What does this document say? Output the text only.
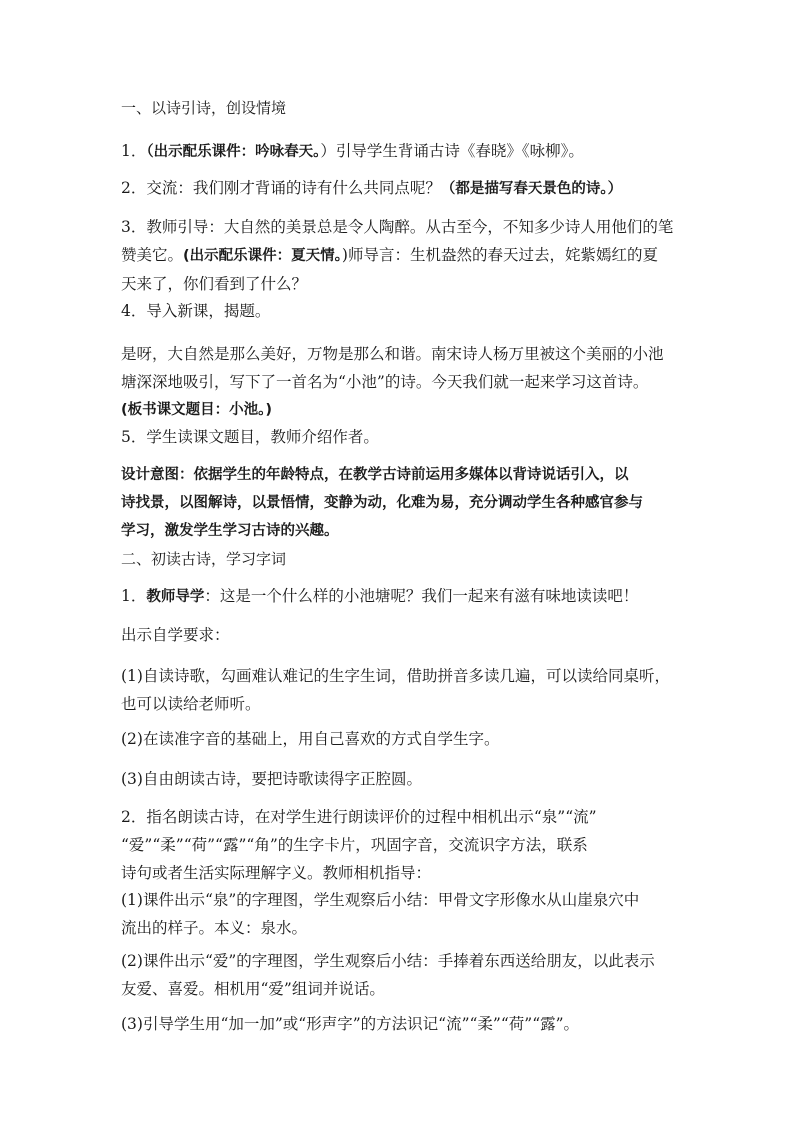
一、以诗引诗，创设情境

1．（出示配乐课件：吟咏春天。）引导学生背诵古诗《春晓》《咏柳》。

2．交流：我们刚才背诵的诗有什么共同点呢？（都是描写春天景色的诗。）

3．教师引导：大自然的美景总是令人陶醉。从古至今，不知多少诗人用他们的笔
赞美它。(出示配乐课件：夏天情。)师导言：生机盎然的春天过去，姹紫嫣红的夏
天来了，你们看到了什么？

4．导入新课，揭题。

是呀，大自然是那么美好，万物是那么和谐。南宋诗人杨万里被这个美丽的小池
塘深深地吸引，写下了一首名为“小池”的诗。今天我们就一起来学习这首诗。
(板书课文题目：小池。)

5．学生读课文题目，教师介绍作者。

设计意图：依据学生的年龄特点，在教学古诗前运用多媒体以背诗说话引入，以
诗找景，以图解诗，以景悟情，变静为动，化难为易，充分调动学生各种感官参与
学习，激发学生学习古诗的兴趣。

二、初读古诗，学习字词

1．教师导学：这是一个什么样的小池塘呢？我们一起来有滋有味地读读吧！

出示自学要求：

(1)自读诗歌，勾画难认难记的生字生词，借助拼音多读几遍，可以读给同桌听，
也可以读给老师听。

(2)在读准字音的基础上，用自己喜欢的方式自学生字。

(3)自由朗读古诗，要把诗歌读得字正腔圆。

2．指名朗读古诗，在对学生进行朗读评价的过程中相机出示“泉”“流”
“爱”“柔”“荷”“露”“角”的生字卡片，巩固字音，交流识字方法，联系
诗句或者生活实际理解字义。教师相机指导：

(1)课件出示“泉”的字理图，学生观察后小结：甲骨文字形像水从山崖泉穴中
流出的样子。本义：泉水。

(2)课件出示“爱”的字理图，学生观察后小结：手捧着东西送给朋友，以此表示
友爱、喜爱。相机用“爱”组词并说话。

(3)引导学生用“加一加”或“形声字”的方法识记“流”“柔”“荷”“露”。
